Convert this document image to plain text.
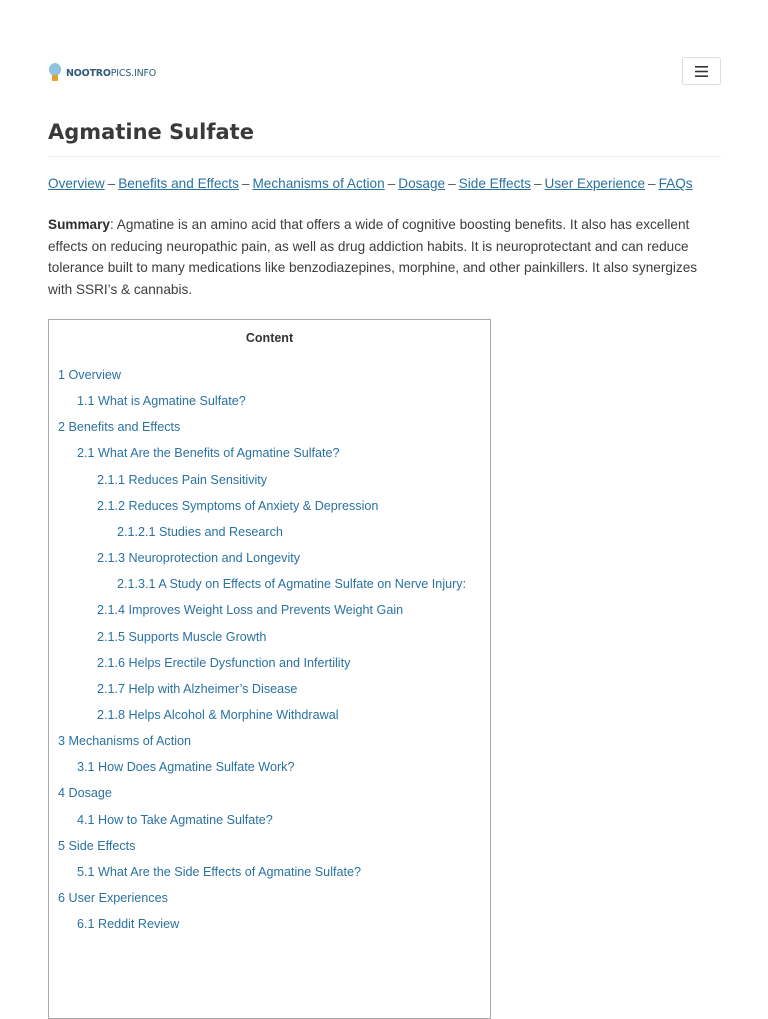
NOOTROPICS.INFO
Agmatine Sulfate
Overview – Benefits and Effects – Mechanisms of Action – Dosage – Side Effects – User Experience – FAQs

Summary: Agmatine is an amino acid that offers a wide of cognitive boosting benefits. It also has excellent effects on reducing neuropathic pain, as well as drug addiction habits. It is neuroprotectant and can reduce tolerance built to many medications like benzodiazepines, morphine, and other painkillers. It also synergizes with SSRI’s & cannabis.

Content
1 Overview
1.1 What is Agmatine Sulfate?
2 Benefits and Effects
2.1 What Are the Benefits of Agmatine Sulfate?
2.1.1 Reduces Pain Sensitivity
2.1.2 Reduces Symptoms of Anxiety & Depression
2.1.2.1 Studies and Research
2.1.3 Neuroprotection and Longevity
2.1.3.1 A Study on Effects of Agmatine Sulfate on Nerve Injury:
2.1.4 Improves Weight Loss and Prevents Weight Gain
2.1.5 Supports Muscle Growth
2.1.6 Helps Erectile Dysfunction and Infertility
2.1.7 Help with Alzheimer’s Disease
2.1.8 Helps Alcohol & Morphine Withdrawal
3 Mechanisms of Action
3.1 How Does Agmatine Sulfate Work?
4 Dosage
4.1 How to Take Agmatine Sulfate?
5 Side Effects
5.1 What Are the Side Effects of Agmatine Sulfate?
6 User Experiences
6.1 Reddit Review
